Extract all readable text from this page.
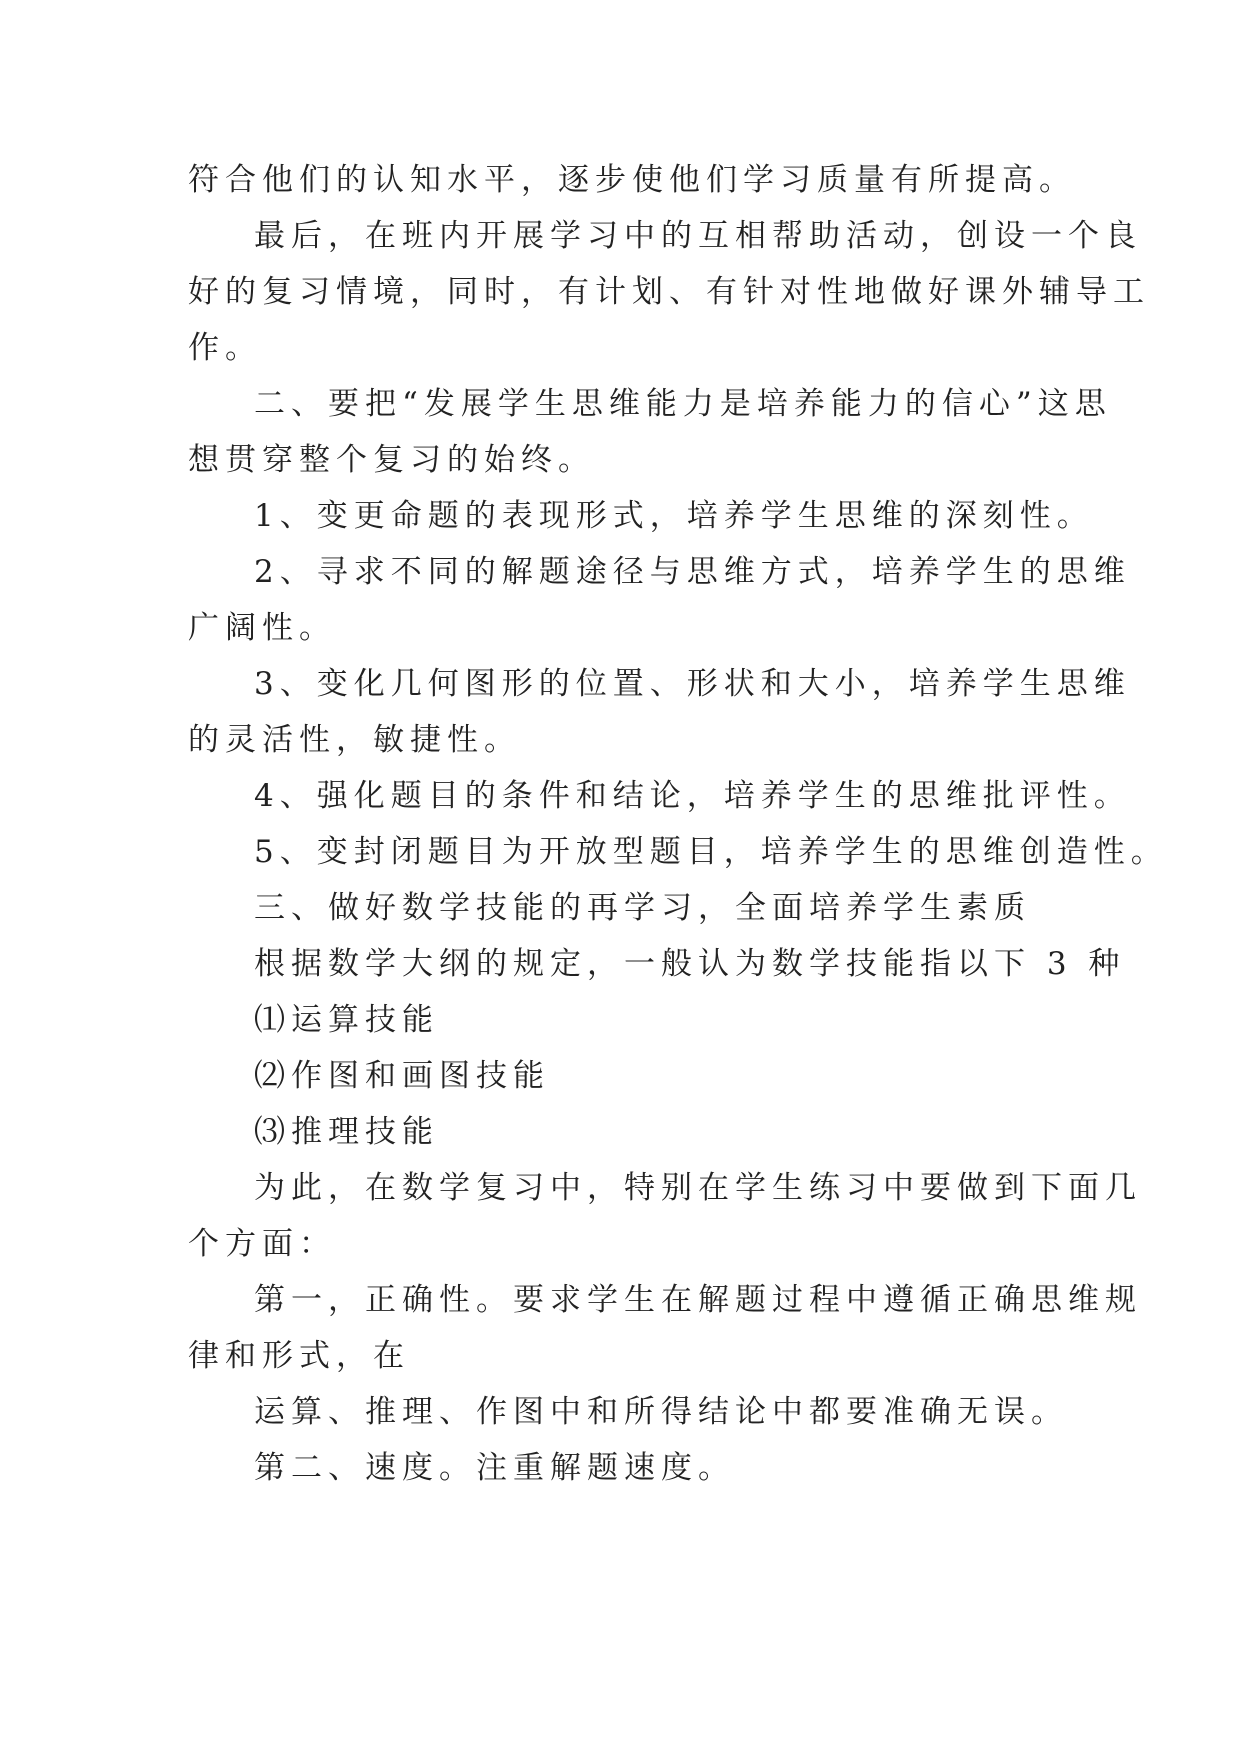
符合他们的认知水平，逐步使他们学习质量有所提高。
最后，在班内开展学习中的互相帮助活动，创设一个良
好的复习情境，同时，有计划、有针对性地做好课外辅导工
作。
二、要把“发展学生思维能力是培养能力的信心”这思
想贯穿整个复习的始终。
1、变更命题的表现形式，培养学生思维的深刻性。
2、寻求不同的解题途径与思维方式，培养学生的思维
广阔性。
3、变化几何图形的位置、形状和大小，培养学生思维
的灵活性，敏捷性。
4、强化题目的条件和结论，培养学生的思维批评性。
5、变封闭题目为开放型题目，培养学生的思维创造性。
三、做好数学技能的再学习，全面培养学生素质
根据数学大纲的规定，一般认为数学技能指以下 3 种
⑴运算技能
⑵作图和画图技能
⑶推理技能
为此，在数学复习中，特别在学生练习中要做到下面几
个方面：
第一，正确性。要求学生在解题过程中遵循正确思维规
律和形式，在
运算、推理、作图中和所得结论中都要准确无误。
第二、速度。注重解题速度。
